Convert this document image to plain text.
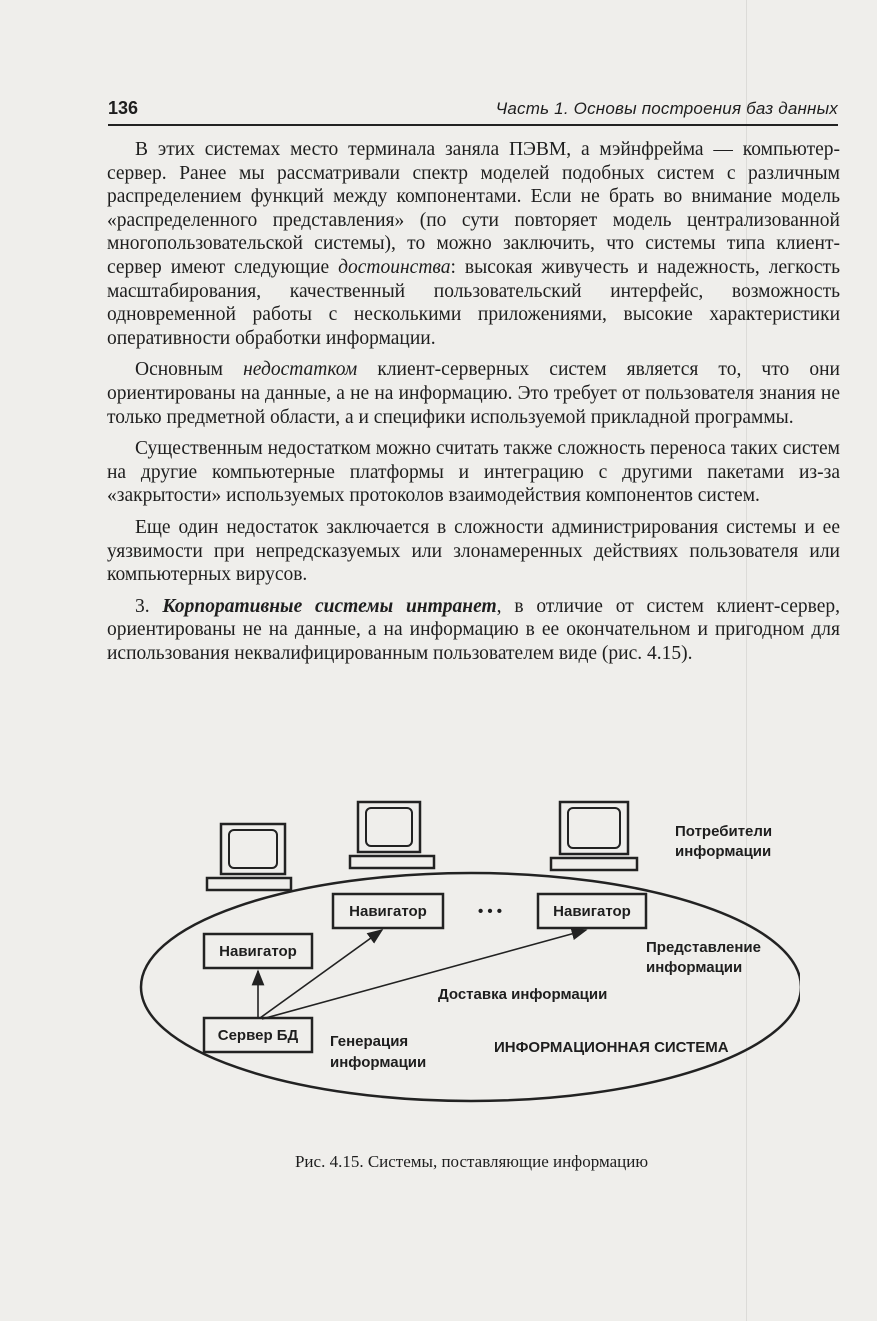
136	Часть 1. Основы построения баз данных

В этих системах место терминала заняла ПЭВМ, а мэйнфрейма — компьютер-сервер. Ранее мы рассматривали спектр моделей подобных систем с различным распределением функций между компонентами. Если не брать во внимание модель «распределенного представления» (по сути повторяет модель централизованной многопользовательской системы), то можно заключить, что системы типа клиент-сервер имеют следующие достоинства: высокая живучесть и надежность, легкость масштабирования, качественный пользовательский интерфейс, возможность одновременной работы с несколькими приложениями, высокие характеристики оперативности обработки информации.

Основным недостатком клиент-серверных систем является то, что они ориентированы на данные, а не на информацию. Это требует от пользователя знания не только предметной области, а и специфики используемой прикладной программы.

Существенным недостатком можно считать также сложность переноса таких систем на другие компьютерные платформы и интеграцию с другими пакетами из-за «закрытости» используемых протоколов взаимодействия компонентов систем.

Еще один недостаток заключается в сложности администрирования системы и ее уязвимости при непредсказуемых или злонамеренных действиях пользователя или компьютерных вирусов.

3. Корпоративные системы интранет, в отличие от систем клиент-сервер, ориентированы не на данные, а на информацию в ее окончательном и пригодном для использования неквалифицированным пользователем виде (рис. 4.15).

Навигатор	Навигатор
Навигатор
Сервер БД
• • •
Потребители
информации
Представление
информации
Доставка информации
Генерация
информации
ИНФОРМАЦИОННАЯ СИСТЕМА
Рис. 4.15. Системы, поставляющие информацию
